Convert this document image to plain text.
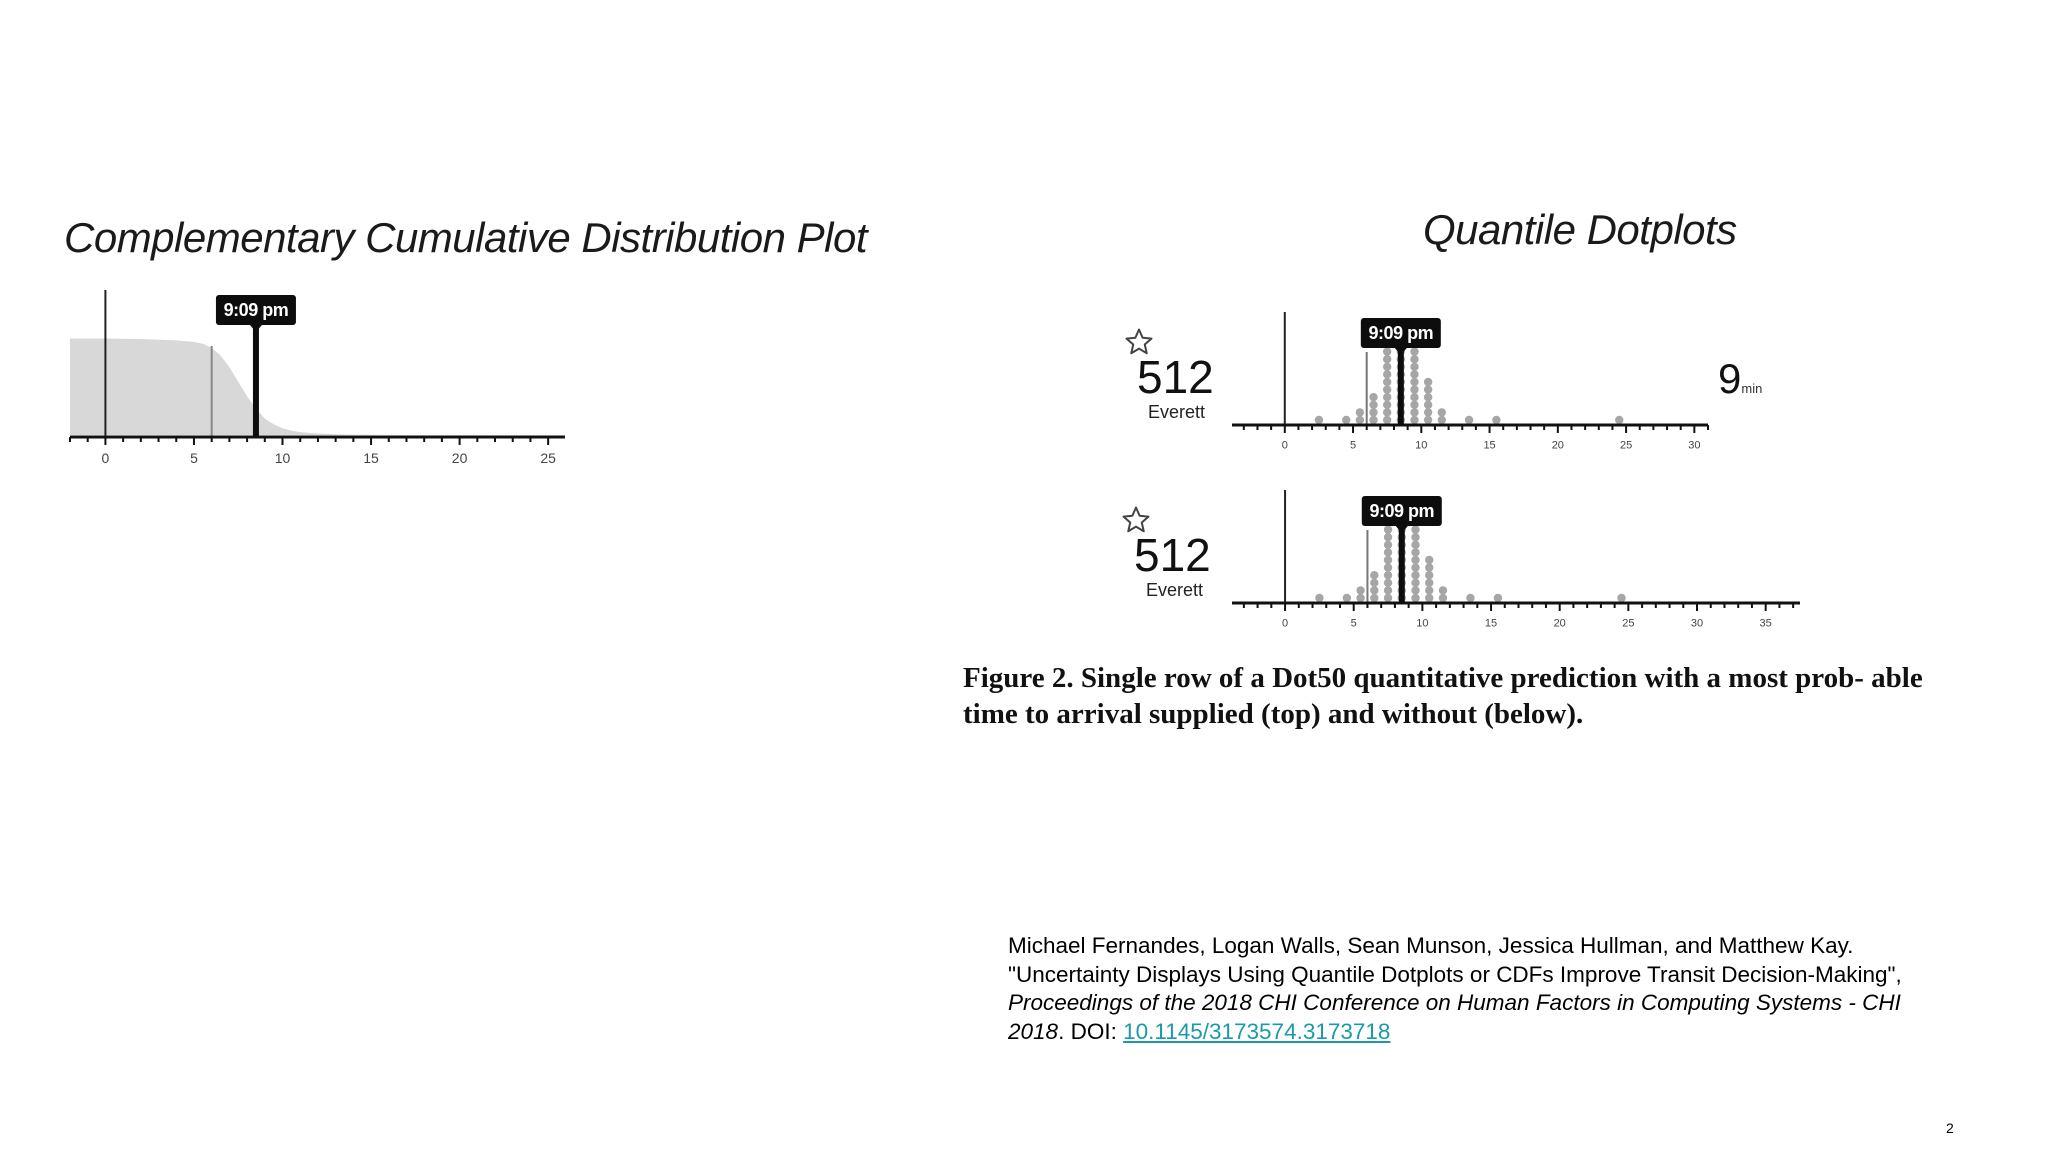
Complementary Cumulative Distribution Plot
0	5	10	15	20	25
9:09 pm
Quantile Dotplots
512
Everett
0	5	10	15	20	25	30
9:09 pm
9min
512
Everett
0	5	10	15	20	25	30	35
9:09 pm
Figure 2. Single row of a Dot50 quantitative prediction with a most prob- able time to arrival supplied (top) and without (below).
Michael Fernandes, Logan Walls, Sean Munson, Jessica Hullman, and Matthew Kay. "Uncertainty Displays Using Quantile Dotplots or CDFs Improve Transit Decision-Making", Proceedings of the 2018 CHI Conference on Human Factors in Computing Systems - CHI 2018. DOI: 10.1145/3173574.3173718
2
